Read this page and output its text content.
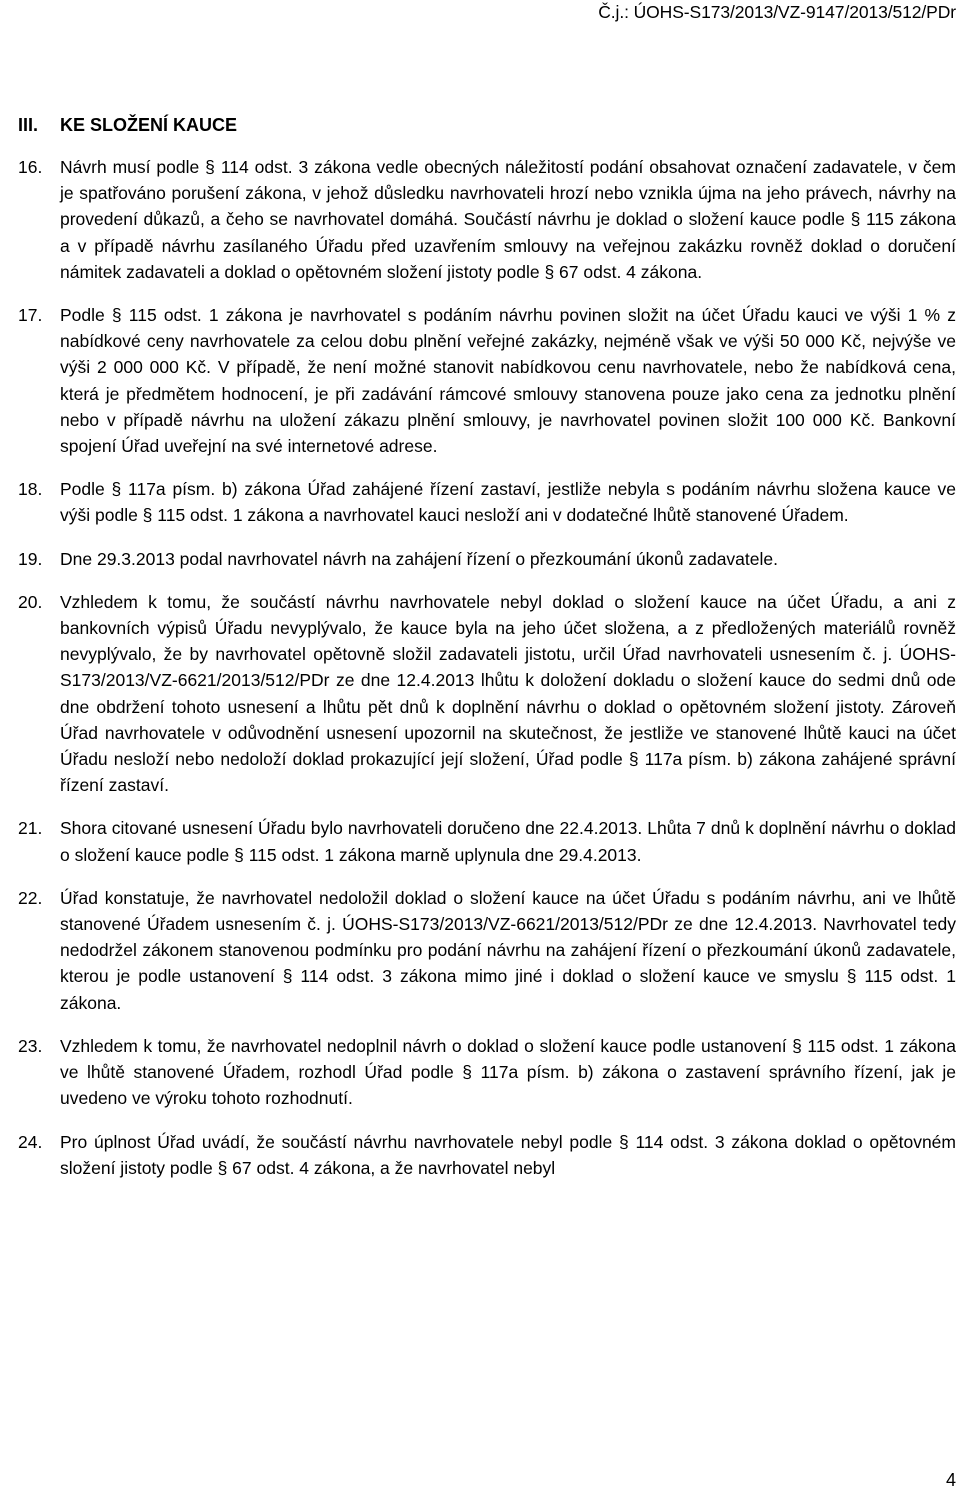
Č.j.: ÚOHS-S173/2013/VZ-9147/2013/512/PDr
III.	KE SLOŽENÍ KAUCE
16.	Návrh musí podle § 114 odst. 3 zákona vedle obecných náležitostí podání obsahovat označení zadavatele, v čem je spatřováno porušení zákona, v jehož důsledku navrhovateli hrozí nebo vznikla újma na jeho právech, návrhy na provedení důkazů, a čeho se navrhovatel domáhá. Součástí návrhu je doklad o složení kauce podle § 115 zákona a v případě návrhu zasílaného Úřadu před uzavřením smlouvy na veřejnou zakázku rovněž doklad o doručení námitek zadavateli a doklad o opětovném složení jistoty podle § 67 odst. 4 zákona.
17.	Podle § 115 odst. 1 zákona je navrhovatel s podáním návrhu povinen složit na účet Úřadu kauci ve výši 1 % z nabídkové ceny navrhovatele za celou dobu plnění veřejné zakázky, nejméně však ve výši 50 000 Kč, nejvýše ve výši 2 000 000 Kč. V případě, že není možné stanovit nabídkovou cenu navrhovatele, nebo že nabídková cena, která je předmětem hodnocení, je při zadávání rámcové smlouvy stanovena pouze jako cena za jednotku plnění nebo v případě návrhu na uložení zákazu plnění smlouvy, je navrhovatel povinen složit 100 000 Kč. Bankovní spojení Úřad uveřejní na své internetové adrese.
18.	Podle § 117a písm. b) zákona Úřad zahájené řízení zastaví, jestliže nebyla s podáním návrhu složena kauce ve výši podle § 115 odst. 1 zákona a navrhovatel kauci nesloží ani v dodatečné lhůtě stanovené Úřadem.
19.	Dne 29.3.2013 podal navrhovatel návrh na zahájení řízení o přezkoumání úkonů zadavatele.
20.	Vzhledem k tomu, že součástí návrhu navrhovatele nebyl doklad o složení kauce na účet Úřadu, a ani z bankovních výpisů Úřadu nevyplývalo, že kauce byla na jeho účet složena, a z předložených materiálů rovněž nevyplývalo, že by navrhovatel opětovně složil zadavateli jistotu, určil Úřad navrhovateli usnesením č. j. ÚOHS-S173/2013/VZ-6621/2013/512/PDr ze dne 12.4.2013 lhůtu k doložení dokladu o složení kauce do sedmi dnů ode dne obdržení tohoto usnesení a lhůtu pět dnů k doplnění návrhu o doklad o opětovném složení jistoty. Zároveň Úřad navrhovatele v odůvodnění usnesení upozornil na skutečnost, že jestliže ve stanovené lhůtě kauci na účet Úřadu nesloží nebo nedoloží doklad prokazující její složení, Úřad podle § 117a písm. b) zákona zahájené správní řízení zastaví.
21.	Shora citované usnesení Úřadu bylo navrhovateli doručeno dne 22.4.2013. Lhůta 7 dnů k doplnění návrhu o doklad o složení kauce podle § 115 odst. 1 zákona marně uplynula dne 29.4.2013.
22.	Úřad konstatuje, že navrhovatel nedoložil doklad o složení kauce na účet Úřadu s podáním návrhu, ani ve lhůtě stanovené Úřadem usnesením č. j. ÚOHS-S173/2013/VZ-6621/2013/512/PDr ze dne 12.4.2013. Navrhovatel tedy nedodržel zákonem stanovenou podmínku pro podání návrhu na zahájení řízení o přezkoumání úkonů zadavatele, kterou je podle ustanovení § 114 odst. 3 zákona mimo jiné i doklad o složení kauce ve smyslu § 115 odst. 1 zákona.
23.	Vzhledem k tomu, že navrhovatel nedoplnil návrh o doklad o složení kauce podle ustanovení § 115 odst. 1 zákona ve lhůtě stanovené Úřadem, rozhodl Úřad podle § 117a písm. b) zákona o zastavení správního řízení, jak je uvedeno ve výroku tohoto rozhodnutí.
24.	Pro úplnost Úřad uvádí, že součástí návrhu navrhovatele nebyl podle § 114 odst. 3 zákona doklad o opětovném složení jistoty podle § 67 odst. 4 zákona, a že navrhovatel nebyl
4
